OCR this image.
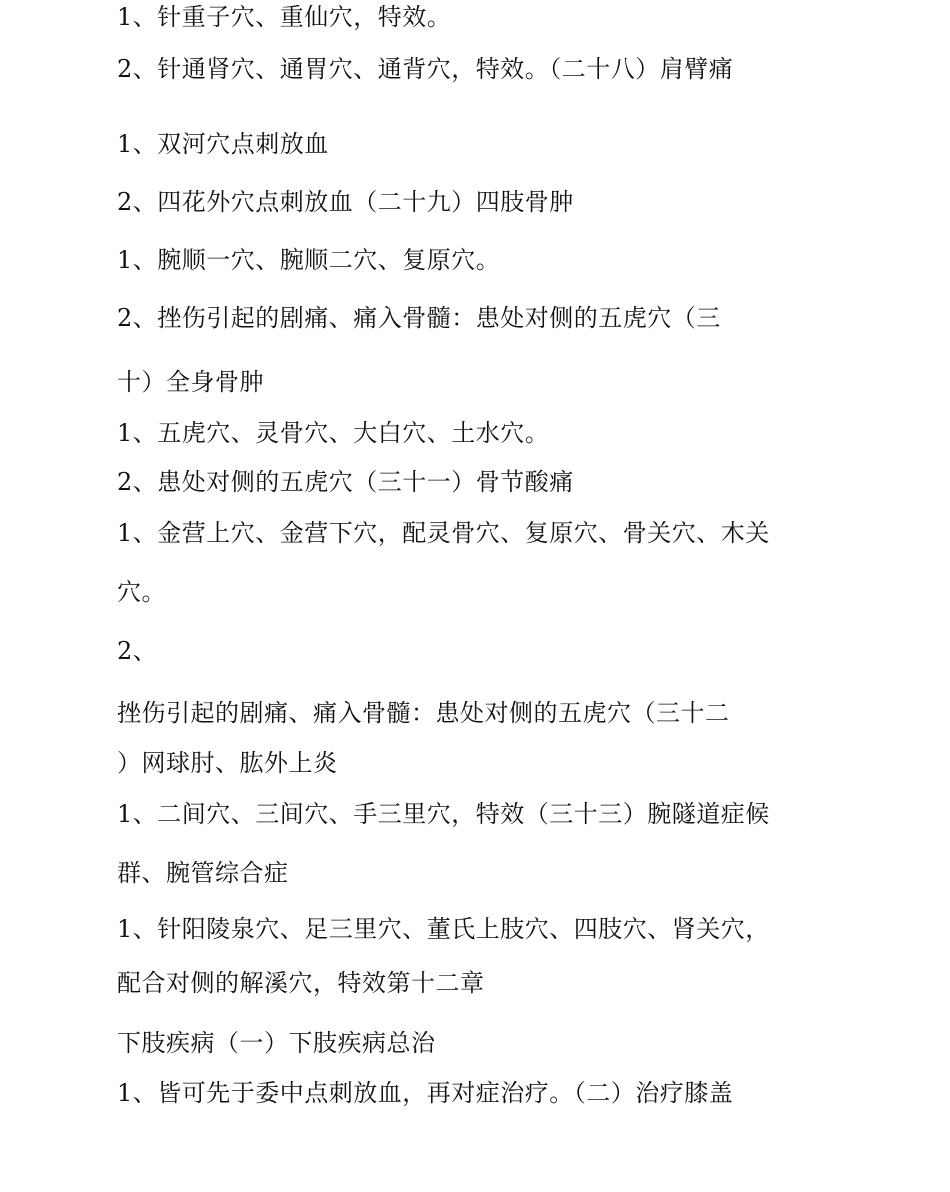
1、针重子穴、重仙穴，特效。
2、针通肾穴、通胃穴、通背穴，特效。（二十八）肩臂痛
1、双河穴点刺放血
2、四花外穴点刺放血（二十九）四肢骨肿
1、腕顺一穴、腕顺二穴、复原穴。
2、挫伤引起的剧痛、痛入骨髓：患处对侧的五虎穴（三
十）全身骨肿
1、五虎穴、灵骨穴、大白穴、土水穴。
2、患处对侧的五虎穴（三十一）骨节酸痛
1、金营上穴、金营下穴，配灵骨穴、复原穴、骨关穴、木关
穴。
2、
挫伤引起的剧痛、痛入骨髓：患处对侧的五虎穴（三十二
）网球肘、肱外上炎
1、二间穴、三间穴、手三里穴，特效（三十三）腕隧道症候
群、腕管综合症
1、针阳陵泉穴、足三里穴、董氏上肢穴、四肢穴、肾关穴，
配合对侧的解溪穴，特效第十二章
下肢疾病（一）下肢疾病总治
1、皆可先于委中点刺放血，再对症治疗。（二）治疗膝盖
